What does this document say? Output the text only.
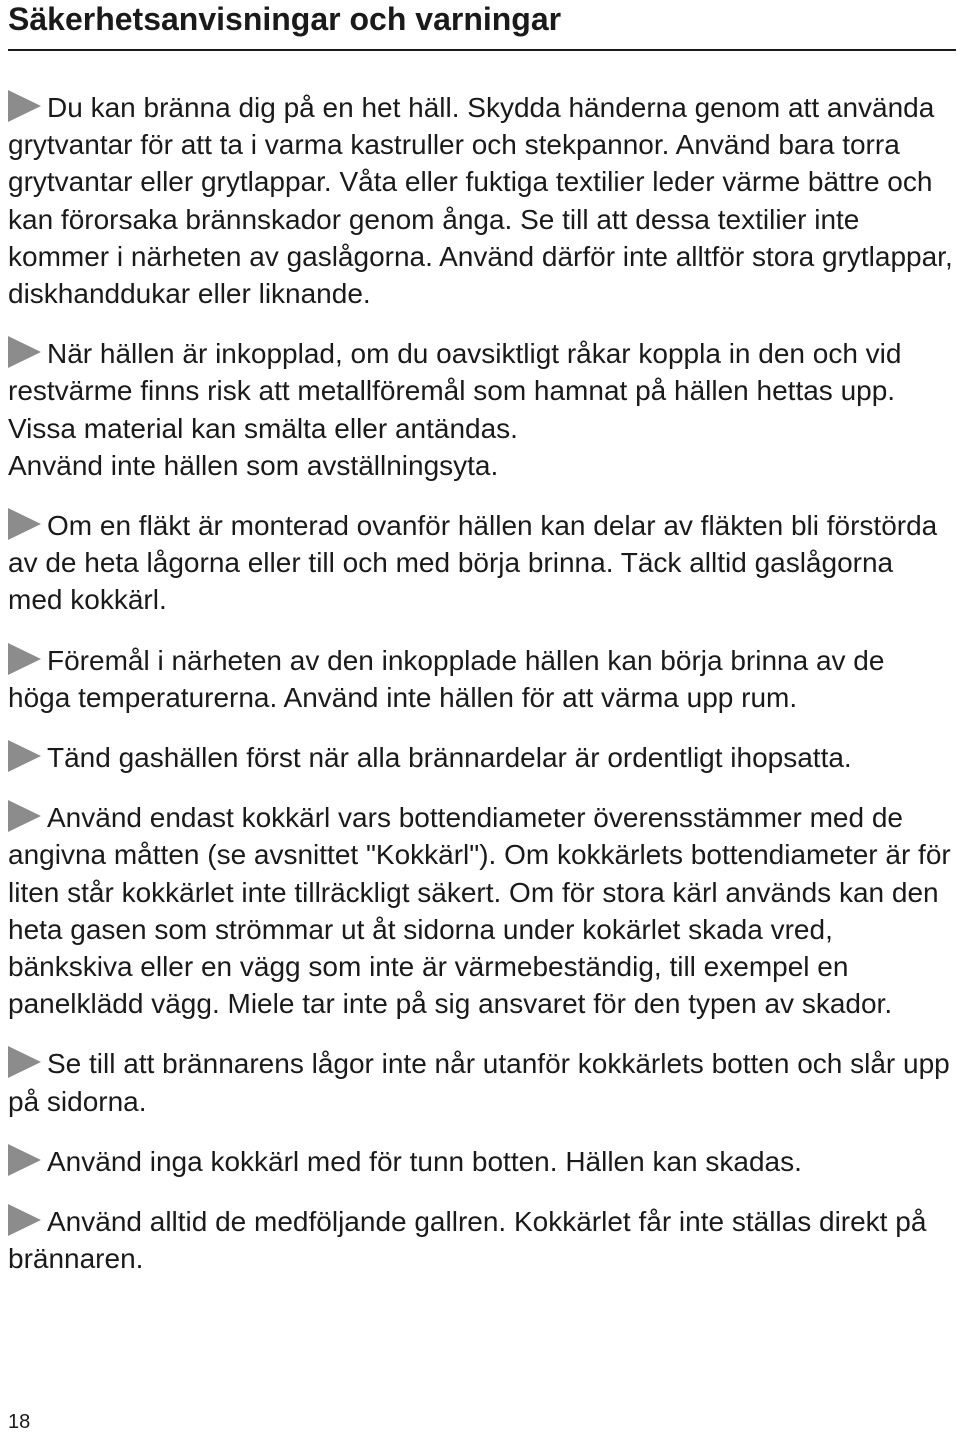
Säkerhetsanvisningar och varningar

Du kan bränna dig på en het häll. Skydda händerna genom att använda grytvantar för att ta i varma kastruller och stekpannor. Använd bara torra grytvantar eller grytlappar. Våta eller fuktiga textilier leder värme bättre och kan förorsaka brännskador genom ånga. Se till att dessa textilier inte kommer i närheten av gaslågorna. Använd därför inte alltför stora grytlappar, diskhanddukar eller liknande.

När hällen är inkopplad, om du oavsiktligt råkar koppla in den och vid restvärme finns risk att metallföremål som hamnat på hällen hettas upp.

Vissa material kan smälta eller antändas.

Använd inte hällen som avställningsyta.

Om en fläkt är monterad ovanför hällen kan delar av fläkten bli förstörda av de heta lågorna eller till och med börja brinna. Täck alltid gaslågorna med kokkärl.

Föremål i närheten av den inkopplade hällen kan börja brinna av de höga temperaturerna. Använd inte hällen för att värma upp rum.

Tänd gashällen först när alla brännardelar är ordentligt ihopsatta.

Använd endast kokkärl vars bottendiameter överensstämmer med de angivna måtten (se avsnittet "Kokkärl"). Om kokkärlets bottendiameter är för liten står kokkärlet inte tillräckligt säkert. Om för stora kärl används kan den heta gasen som strömmar ut åt sidorna under kokärlet skada vred, bänkskiva eller en vägg som inte är värmebeständig, till exempel en panelklädd vägg. Miele tar inte på sig ansvaret för den typen av skador.

Se till att brännarens lågor inte når utanför kokkärlets botten och slår upp på sidorna.

Använd inga kokkärl med för tunn botten. Hällen kan skadas.

Använd alltid de medföljande gallren. Kokkärlet får inte ställas direkt på brännaren.

18
